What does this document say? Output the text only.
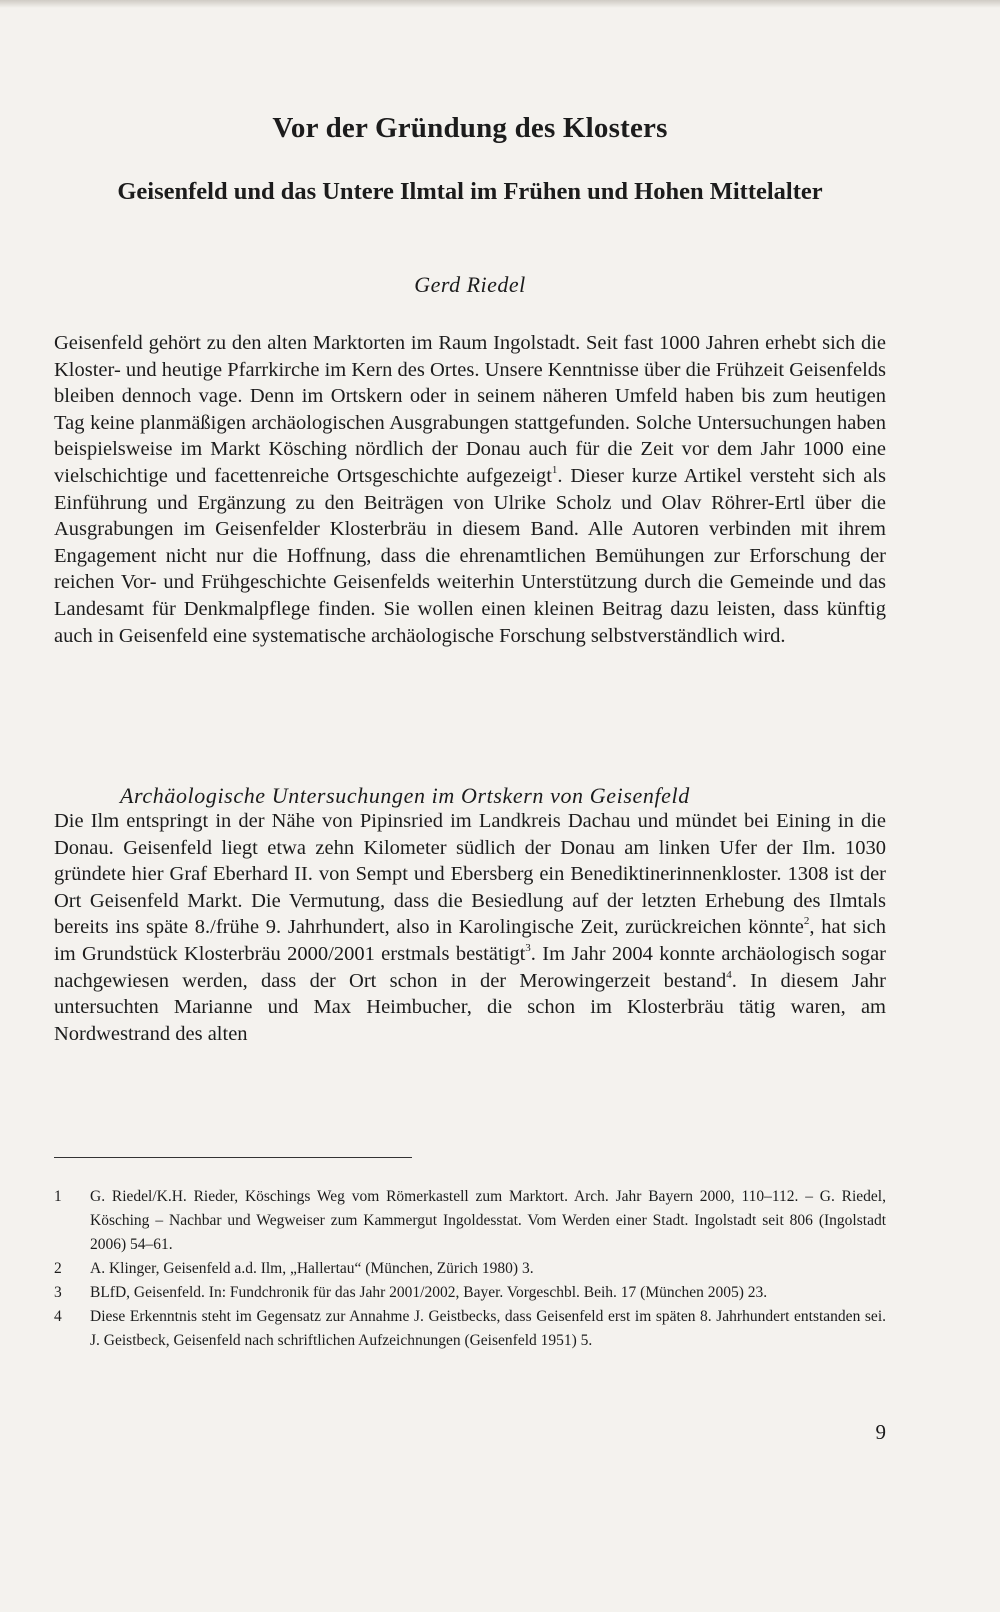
Vor der Gründung des Klosters
Geisenfeld und das Untere Ilmtal im Frühen und Hohen Mittelalter
Gerd Riedel

Geisenfeld gehört zu den alten Marktorten im Raum Ingolstadt. Seit fast 1000 Jahren erhebt sich die Kloster- und heutige Pfarrkirche im Kern des Ortes. Unsere Kenntnisse über die Frühzeit Geisenfelds bleiben dennoch vage. Denn im Ortskern oder in seinem näheren Umfeld haben bis zum heutigen Tag keine planmäßigen archäologischen Ausgrabungen stattgefunden. Solche Untersuchungen haben beispielsweise im Markt Kösching nördlich der Donau auch für die Zeit vor dem Jahr 1000 eine vielschichtige und facettenreiche Ortsgeschichte aufgezeigt$^1$. Dieser kurze Artikel versteht sich als Einführung und Ergänzung zu den Beiträgen von Ulrike Scholz und Olav Röhrer-Ertl über die Ausgrabungen im Geisenfelder Klosterbräu in diesem Band. Alle Autoren verbinden mit ihrem Engagement nicht nur die Hoffnung, dass die ehrenamtlichen Bemühungen zur Erforschung der reichen Vor- und Frühgeschichte Geisenfelds weiterhin Unterstützung durch die Gemeinde und das Landesamt für Denkmalpflege finden. Sie wollen einen kleinen Beitrag dazu leisten, dass künftig auch in Geisenfeld eine systematische archäologische Forschung selbstverständlich wird.

Archäologische Untersuchungen im Ortskern von Geisenfeld

Die Ilm entspringt in der Nähe von Pipinsried im Landkreis Dachau und mündet bei Eining in die Donau. Geisenfeld liegt etwa zehn Kilometer südlich der Donau am linken Ufer der Ilm. 1030 gründete hier Graf Eberhard II. von Sempt und Ebersberg ein Benediktinerinnenkloster. 1308 ist der Ort Geisenfeld Markt. Die Vermutung, dass die Besiedlung auf der letzten Erhebung des Ilmtals bereits ins späte 8./frühe 9. Jahrhundert, also in Karolingische Zeit, zurückreichen könnte$^2$, hat sich im Grundstück Klosterbräu 2000/2001 erstmals bestätigt$^3$. Im Jahr 2004 konnte archäologisch sogar nachgewiesen werden, dass der Ort schon in der Merowingerzeit bestand$^4$. In diesem Jahr untersuchten Marianne und Max Heimbucher, die schon im Klosterbräu tätig waren, am Nordwestrand des alten

1	G. Riedel/K.H. Rieder, Köschings Weg vom Römerkastell zum Marktort. Arch. Jahr Bayern 2000, 110–112. – G. Riedel, Kösching – Nachbar und Wegweiser zum Kammergut Ingoldesstat. Vom Werden einer Stadt. Ingolstadt seit 806 (Ingolstadt 2006) 54–61.
2	A. Klinger, Geisenfeld a.d. Ilm, „Hallertau“ (München, Zürich 1980) 3.
3	BLfD, Geisenfeld. In: Fundchronik für das Jahr 2001/2002, Bayer. Vorgeschbl. Beih. 17 (München 2005) 23.
4	Diese Erkenntnis steht im Gegensatz zur Annahme J. Geistbecks, dass Geisenfeld erst im späten 8. Jahrhundert entstanden sei. J. Geistbeck, Geisenfeld nach schriftlichen Aufzeichnungen (Geisenfeld 1951) 5.
9
